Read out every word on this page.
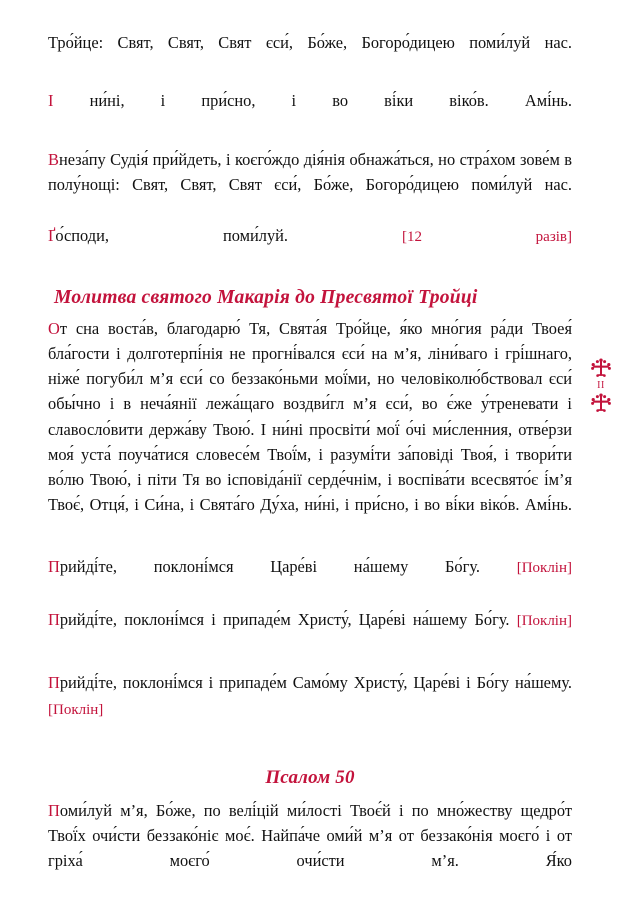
Тро́йце: Свят, Свят, Свят єси́, Бо́же, Богоро́дицею поми́луй нас.

І ни́ні, і при́сно, і во ві́ки віко́в. Амі́нь.

Внеза́пу Судія́ при́йдеть, і коєго́ждо дія́нія обнажа́ться, но стра́хом зове́м в полу́нощі: Свят, Свят, Свят єси́, Бо́же, Богоро́дицею поми́луй нас.

Ґо́споди, поми́луй. [12 разів]

Молитва святого Макарія до Пресвятої Тройці

От сна воста́в, благодарю́ Тя, Свята́я Тро́йце, я́ко мно́гия ра́ди Твоея́ бла́гости і долготерпі́нія не прогні́вался єси́ на м’я, ліни́ваго і грі́шнаго, ніже́ погуби́л м’я єси́ со беззако́ньми мої́ми, но человіколю́бствовал єси́ обы́чно і в неча́янії лежа́щаго воздви́гл м’я єси́, во є́же у́треневати і славосло́вити держа́ву Твою́. І ни́ні просвіти́ мої́ о́чі ми́сленния, отве́рзи моя́ уста́ поуча́тися словесе́м Твої́м, і разумі́ти за́повіді Твоя́, і твори́ти во́лю Твою́, і піти Тя во ісповіда́нії серде́чнім, і воспіва́ти всесвято́є і́м’я Твоє́, Отця́, і Си́на, і Свята́го Ду́ха, ни́ні, і при́сно, і во ві́ки віко́в. Амі́нь.

Прийді́те, поклоні́мся Царе́ві на́шему Бо́гу. [Поклін]

Прийді́те, поклоні́мся і припаде́м Христу́, Царе́ві на́шему Бо́гу. [Поклін]

Прийді́те, поклоні́мся і припаде́м Само́му Христу́, Царе́ві і Бо́гу на́шему. [Поклін]

Псалом 50

Поми́луй м’я, Бо́же, по велі́цій ми́лості Твоє́й і по мно́жеству щедро́т Твої́х очи́сти беззако́ніє моє́. Найпа́че оми́й м’я от беззако́нія моєго́ і от гріха́ моєго́ очи́сти м’я. Я́ко

II
